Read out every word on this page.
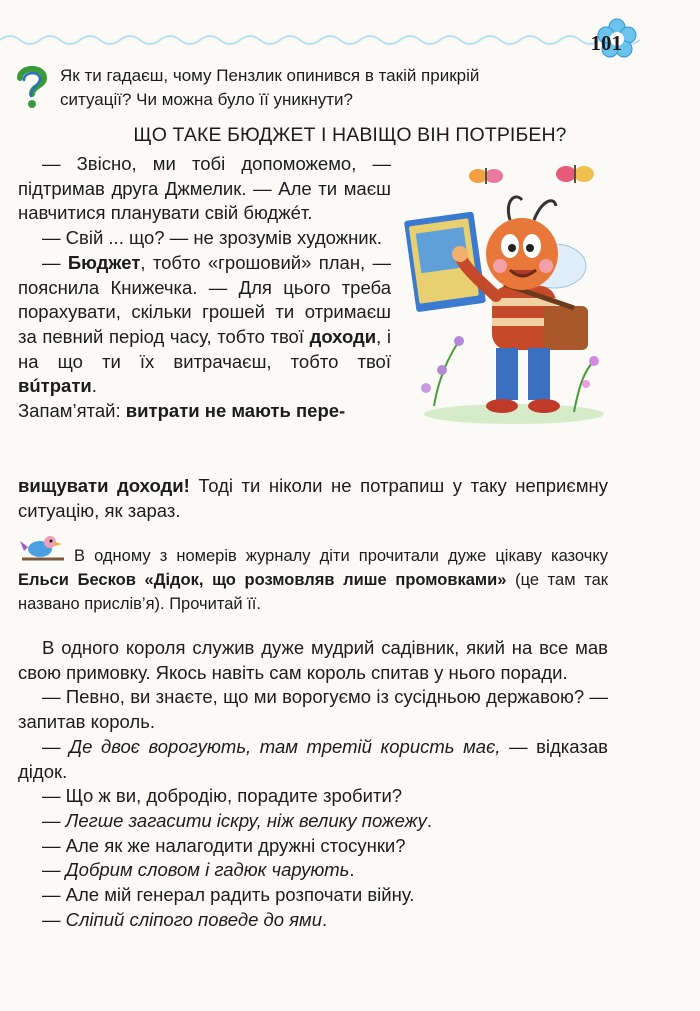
101
Як ти гадаєш, чому Пензлик опинився в такій прикрій
ситуації? Чи можна було її уникнути?
ЩО ТАКЕ БЮДЖЕТ І НАВІЩО ВІН ПОТРІБЕН?

— Звісно, ми тобі допоможемо, — підтримав друга Джмелик. — Але ти маєш навчитися планувати свій бюджéт.

— Свій ... що? — не зрозумів художник.

— Бюджет, тобто «грошовий» план, — пояснила Книжечка. — Для цього треба порахувати, скільки грошей ти отримаєш за певний період часу, тобто твої доходи, і на що ти їх витрачаєш, тобто твої вúтрати.

Запам’ятай: витрати не мають пере-

вищувати доходи! Тоді ти ніколи не потрапиш у таку неприємну ситуацію, як зараз.

В одному з номерів журналу діти прочитали дуже цікаву казочку Ельси Бесков «Дідок, що розмовляв лише промовками» (це там так названо прислів’я). Прочитай її.

В одного короля служив дуже мудрий садівник, який на все мав свою примовку. Якось навіть сам король спитав у нього поради.

— Певно, ви знаєте, що ми ворогуємо із сусідньою державою? — запитав король.

— Де двоє ворогують, там третій користь має, — відказав дідок.

— Що ж ви, добродію, порадите зробити?

— Легше загасити іскру, ніж велику пожежу.

— Але як же налагодити дружні стосунки?

— Добрим словом і гадюк чарують.

— Але мій генерал радить розпочати війну.

— Сліпий сліпого поведе до ями.
